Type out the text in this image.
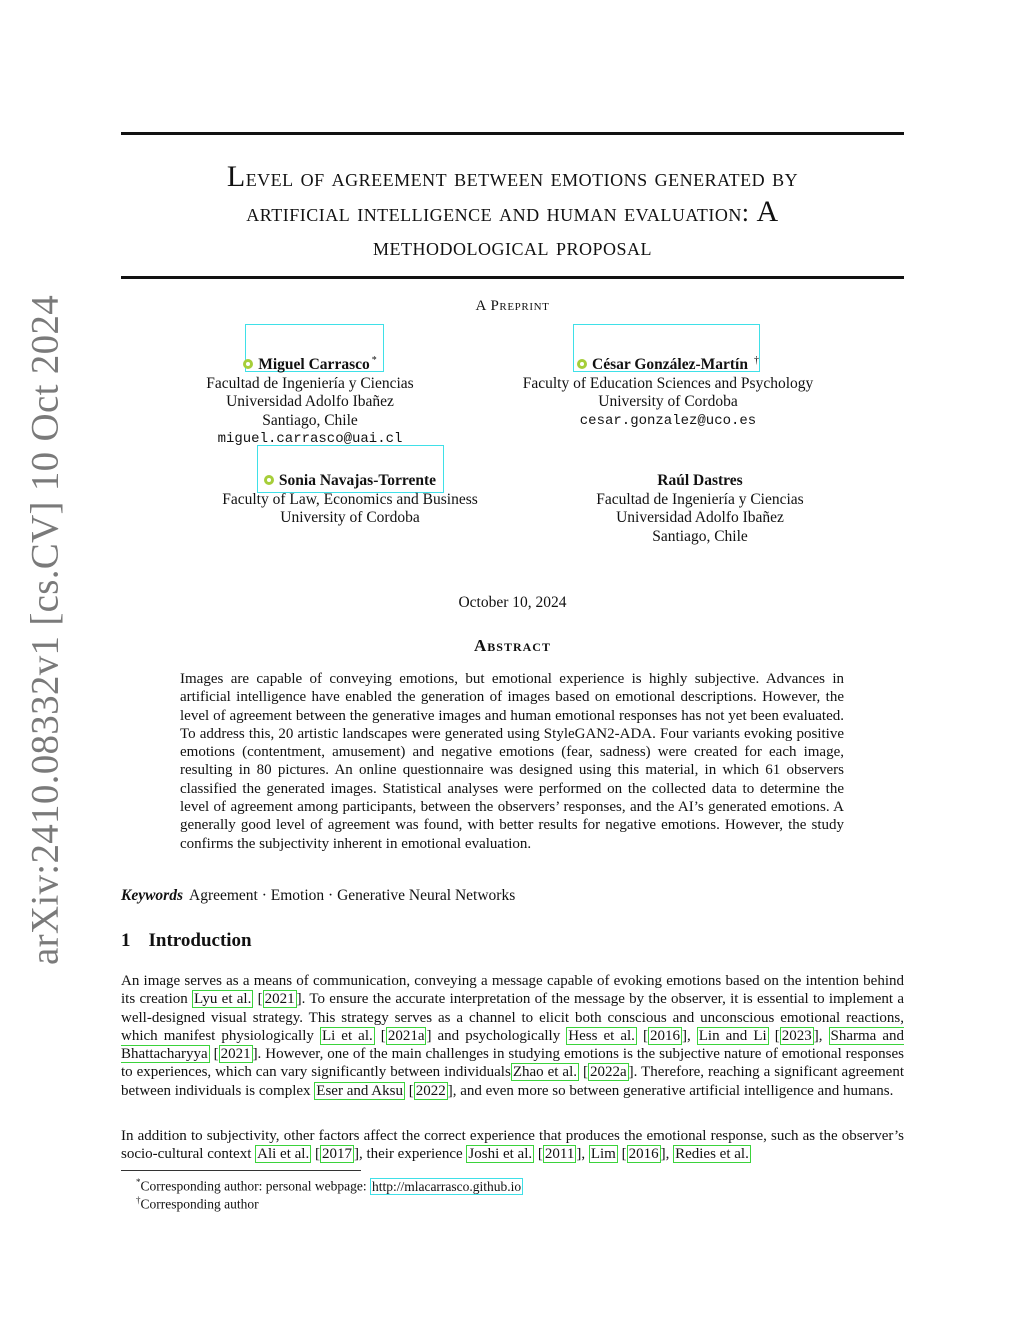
arXiv:2410.08332v1 [cs.CV] 10 Oct 2024
Level of agreement between emotions generated by
artificial intelligence and human evaluation: A
methodological proposal
A Preprint
Miguel Carrasco *
Facultad de Ingeniería y Ciencias
Universidad Adolfo Ibañez
Santiago, Chile
miguel.carrasco@uai.cl
César González-Martín †
Faculty of Education Sciences and Psychology
University of Cordoba
cesar.gonzalez@uco.es
Sonia Navajas-Torrente
Faculty of Law, Economics and Business
University of Cordoba
Raúl Dastres
Facultad de Ingeniería y Ciencias
Universidad Adolfo Ibañez
Santiago, Chile
October 10, 2024
Abstract
Images are capable of conveying emotions, but emotional experience is highly subjective. Advances in artificial intelligence have enabled the generation of images based on emotional descriptions. However, the level of agreement between the generative images and human emotional responses has not yet been evaluated. To address this, 20 artistic landscapes were generated using StyleGAN2-ADA. Four variants evoking positive emotions (contentment, amusement) and negative emotions (fear, sadness) were created for each image, resulting in 80 pictures. An online questionnaire was designed using this material, in which 61 observers classified the generated images. Statistical analyses were performed on the collected data to determine the level of agreement among participants, between the observers’ responses, and the AI’s generated emotions. A generally good level of agreement was found, with better results for negative emotions. However, the study confirms the subjectivity inherent in emotional evaluation.
Keywords Agreement · Emotion · Generative Neural Networks
1 Introduction
An image serves as a means of communication, conveying a message capable of evoking emotions based on the intention behind its creation Lyu et al. [ 2021 ]. To ensure the accurate interpretation of the message by the observer, it is essential to implement a well-designed visual strategy. This strategy serves as a channel to elicit both conscious and unconscious emotional reactions, which manifest physiologically Li et al. [ 2021a ] and psychologically Hess et al. [ 2016 ], Lin and Li [ 2023 ], Sharma and Bhattacharyya [ 2021 ]. However, one of the main challenges in studying emotions is the subjective nature of emotional responses to experiences, which can vary significantly between individuals Zhao et al. [ 2022a ]. Therefore, reaching a significant agreement between individuals is complex Eser and Aksu [ 2022 ], and even more so between generative artificial intelligence and humans.
In addition to subjectivity, other factors affect the correct experience that produces the emotional response, such as the observer’s socio-cultural context Ali et al. [ 2017 ], their experience Joshi et al. [ 2011 ], Lim [ 2016 ], Redies et al.
*Corresponding author: personal webpage: http://mlacarrasco.github.io
†Corresponding author
